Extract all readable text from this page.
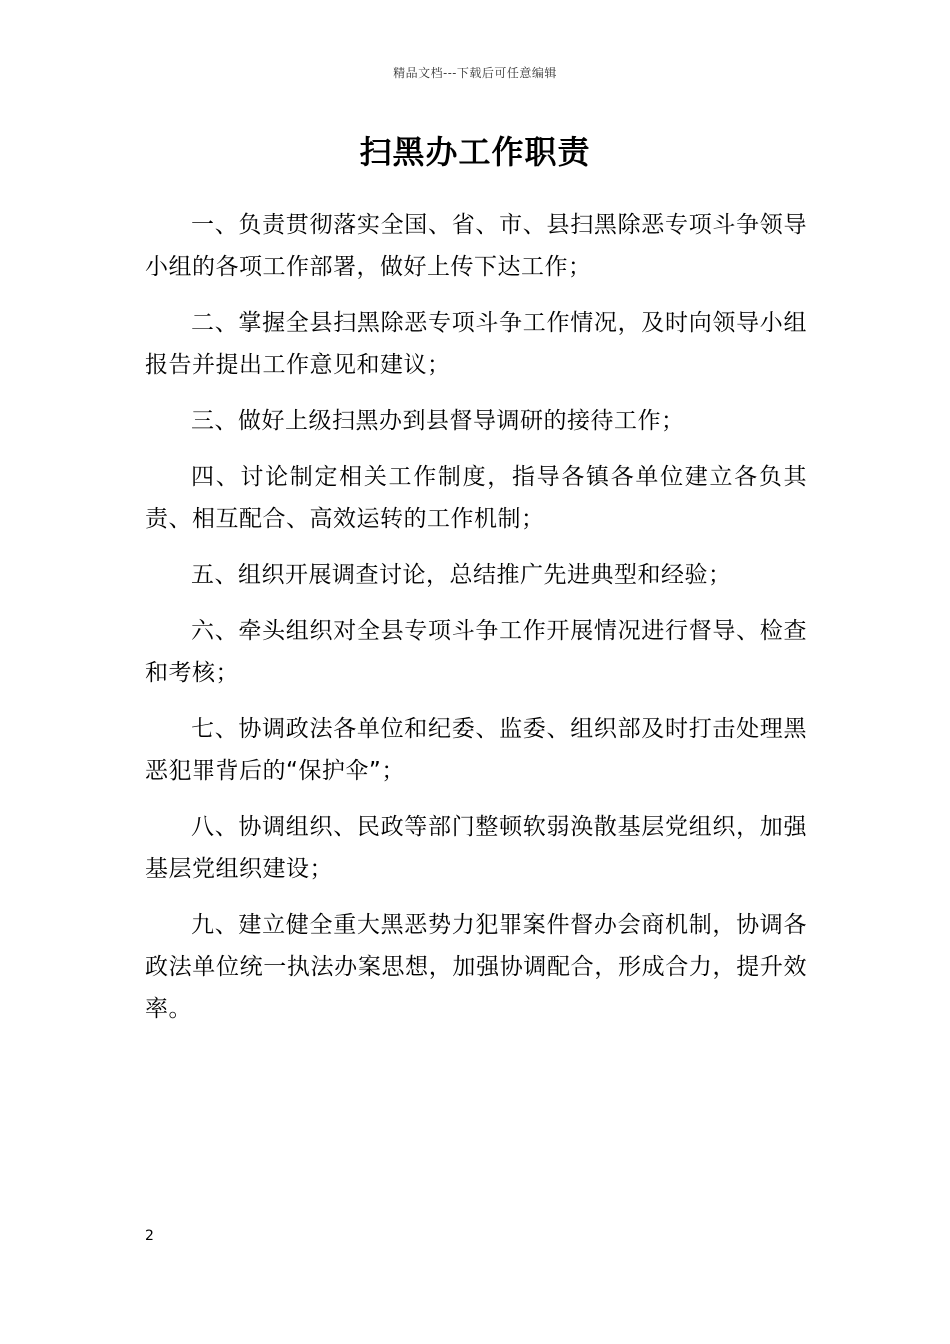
精品文档---下载后可任意编辑
扫黑办工作职责
一、负责贯彻落实全国、省、市、县扫黑除恶专项斗争领导小组的各项工作部署，做好上传下达工作；
二、掌握全县扫黑除恶专项斗争工作情况，及时向领导小组报告并提出工作意见和建议；
三、做好上级扫黑办到县督导调研的接待工作；
四、讨论制定相关工作制度，指导各镇各单位建立各负其责、相互配合、高效运转的工作机制；
五、组织开展调查讨论，总结推广先进典型和经验；
六、牵头组织对全县专项斗争工作开展情况进行督导、检查和考核；
七、协调政法各单位和纪委、监委、组织部及时打击处理黑恶犯罪背后的“保护伞”；
八、协调组织、民政等部门整顿软弱涣散基层党组织，加强基层党组织建设；
九、建立健全重大黑恶势力犯罪案件督办会商机制，协调各政法单位统一执法办案思想，加强协调配合，形成合力，提升效率。
2
